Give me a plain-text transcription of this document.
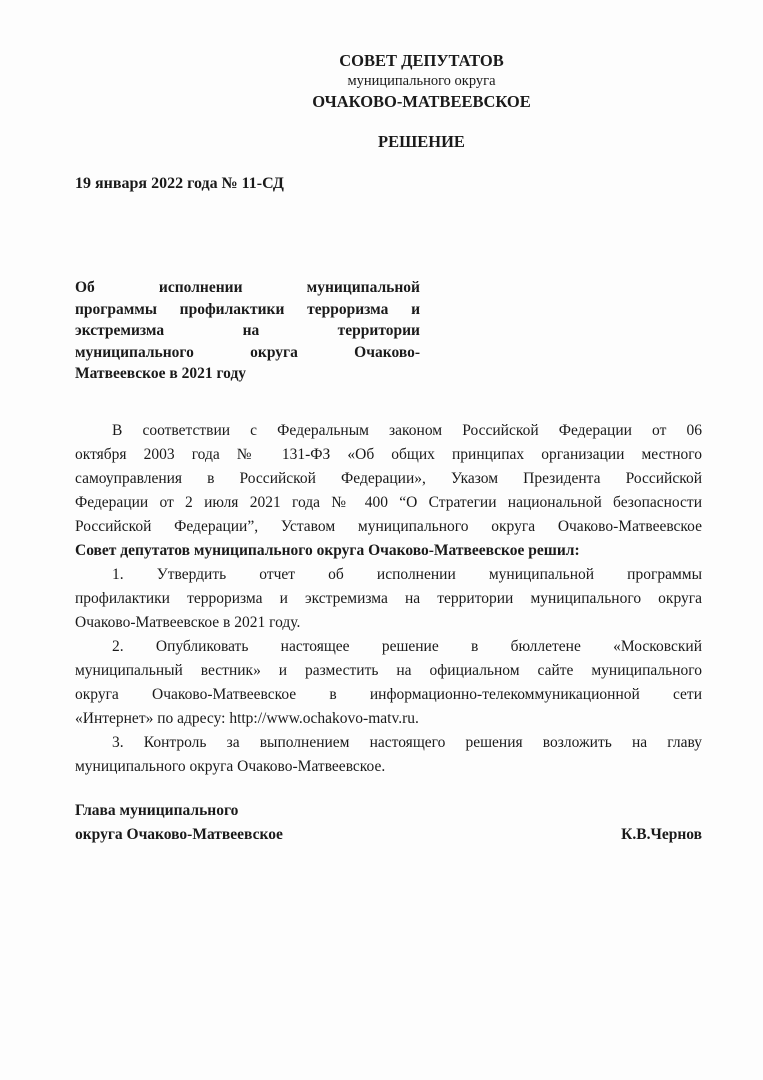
СОВЕТ ДЕПУТАТОВ
муниципального округа
ОЧАКОВО-МАТВЕЕВСКОЕ
РЕШЕНИЕ
19 января 2022 года № 11-СД
Об исполнении муниципальной
программы профилактики терроризма и
экстремизма на территории
муниципального округа Очаково-
Матвеевское в 2021 году
В соответствии с Федеральным законом Российской Федерации от 06
октября 2003 года № 131-ФЗ «Об общих принципах организации местного
самоуправления в Российской Федерации», Указом Президента Российской
Федерации от 2 июля 2021 года № 400 “О Стратегии национальной безопасности
Российской Федерации”, Уставом муниципального округа Очаково-Матвеевское
Совет депутатов муниципального округа Очаково-Матвеевское решил:
1. Утвердить отчет об исполнении муниципальной программы
профилактики терроризма и экстремизма на территории муниципального округа
Очаково-Матвеевское в 2021 году.
2. Опубликовать настоящее решение в бюллетене «Московский
муниципальный вестник» и разместить на официальном сайте муниципального
округа Очаково-Матвеевское в информационно-телекоммуникационной сети
«Интернет» по адресу: http://www.ochakovo-matv.ru.
3. Контроль за выполнением настоящего решения возложить на главу
муниципального округа Очаково-Матвеевское.
Глава муниципального
округа Очаково-Матвеевское	К.В.Чернов
